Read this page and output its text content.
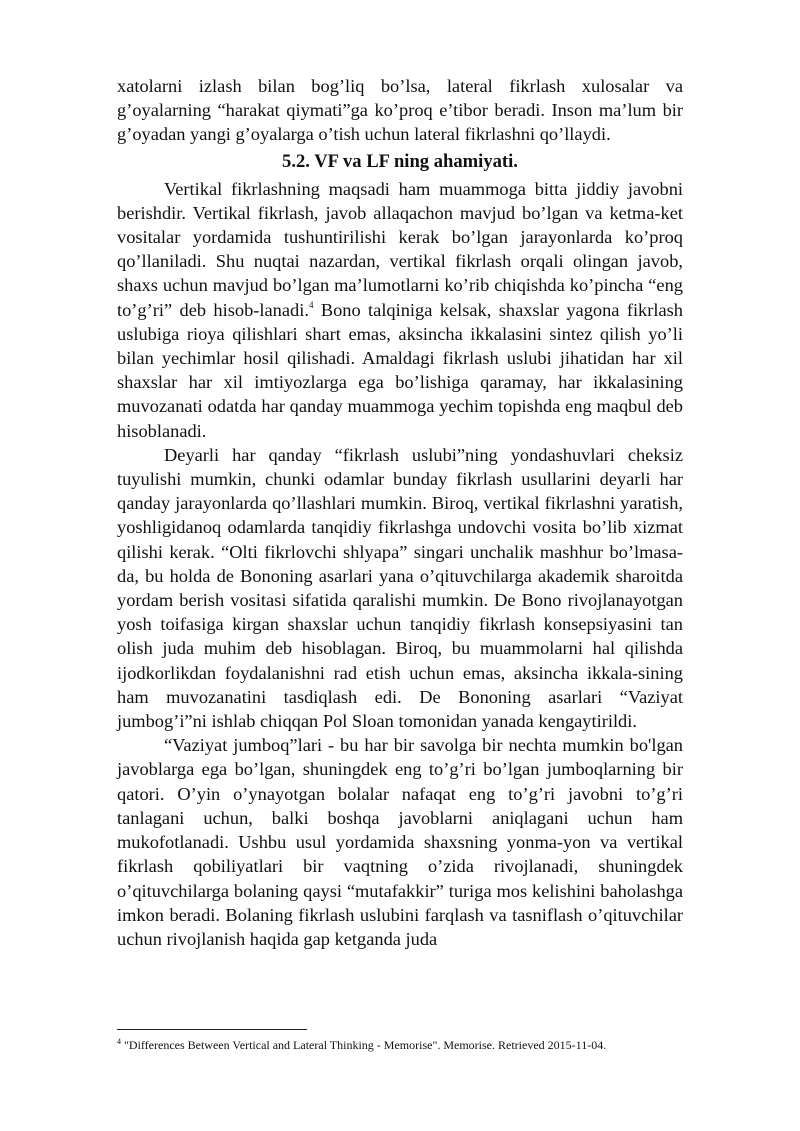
xatolarni izlash bilan bog’liq bo’lsa, lateral fikrlash xulosalar va g’oyalarning “harakat qiymati”ga ko’proq e’tibor beradi. Inson ma’lum bir g’oyadan yangi g’oyalarga o’tish uchun lateral fikrlashni qo’llaydi.

5.2. VF va LF ning ahamiyati.

Vertikal fikrlashning maqsadi ham muammoga bitta jiddiy javobni berishdir. Vertikal fikrlash, javob allaqachon mavjud bo’lgan va ketma-ket vositalar yordamida tushuntirilishi kerak bo’lgan jarayonlarda ko’proq qo’llaniladi. Shu nuqtai nazardan, vertikal fikrlash orqali olingan javob, shaxs uchun mavjud bo’lgan ma’lumotlarni ko’rib chiqishda ko’pincha “eng to’g’ri” deb hisob-lanadi.$^4$ Bono talqiniga kelsak, shaxslar yagona fikrlash uslubiga rioya qilishlari shart emas, aksincha ikkalasini sintez qilish yo’li bilan yechimlar hosil qilishadi. Amaldagi fikrlash uslubi jihatidan har xil shaxslar har xil imtiyozlarga ega bo’lishiga qaramay, har ikkalasining muvozanati odatda har qanday muammoga yechim topishda eng maqbul deb hisoblanadi.

Deyarli har qanday “fikrlash uslubi”ning yondashuvlari cheksiz tuyulishi mumkin, chunki odamlar bunday fikrlash usullarini deyarli har qanday jarayonlarda qo’llashlari mumkin. Biroq, vertikal fikrlashni yaratish, yoshligidanoq odamlarda tanqidiy fikrlashga undovchi vosita bo’lib xizmat qilishi kerak. “Olti fikrlovchi shlyapa” singari unchalik mashhur bo’lmasa-da, bu holda de Bononing asarlari yana o’qituvchilarga akademik sharoitda yordam berish vositasi sifatida qaralishi mumkin. De Bono rivojlanayotgan yosh toifasiga kirgan shaxslar uchun tanqidiy fikrlash konsepsiyasini tan olish juda muhim deb hisoblagan. Biroq, bu muammolarni hal qilishda ijodkorlikdan foydalanishni rad etish uchun emas, aksincha ikkala-sining ham muvozanatini tasdiqlash edi. De Bononing asarlari “Vaziyat jumbog’i”ni ishlab chiqqan Pol Sloan tomonidan yanada kengaytirildi.

“Vaziyat jumboq”lari - bu har bir savolga bir nechta mumkin bo'lgan javoblarga ega bo’lgan, shuningdek eng to’g’ri bo’lgan jumboqlarning bir qatori. O’yin o’ynayotgan bolalar nafaqat eng to’g’ri javobni to’g’ri tanlagani uchun, balki boshqa javoblarni aniqlagani uchun ham mukofotlanadi. Ushbu usul yordamida shaxsning yonma-yon va vertikal fikrlash qobiliyatlari bir vaqtning o’zida rivojlanadi, shuningdek o’qituvchilarga bolaning qaysi “mutafakkir” turiga mos kelishini baholashga imkon beradi. Bolaning fikrlash uslubini farqlash va tasniflash o’qituvchilar uchun rivojlanish haqida gap ketganda juda

$^4$ "Differences Between Vertical and Lateral Thinking - Memorise". Memorise. Retrieved 2015-11-04.
